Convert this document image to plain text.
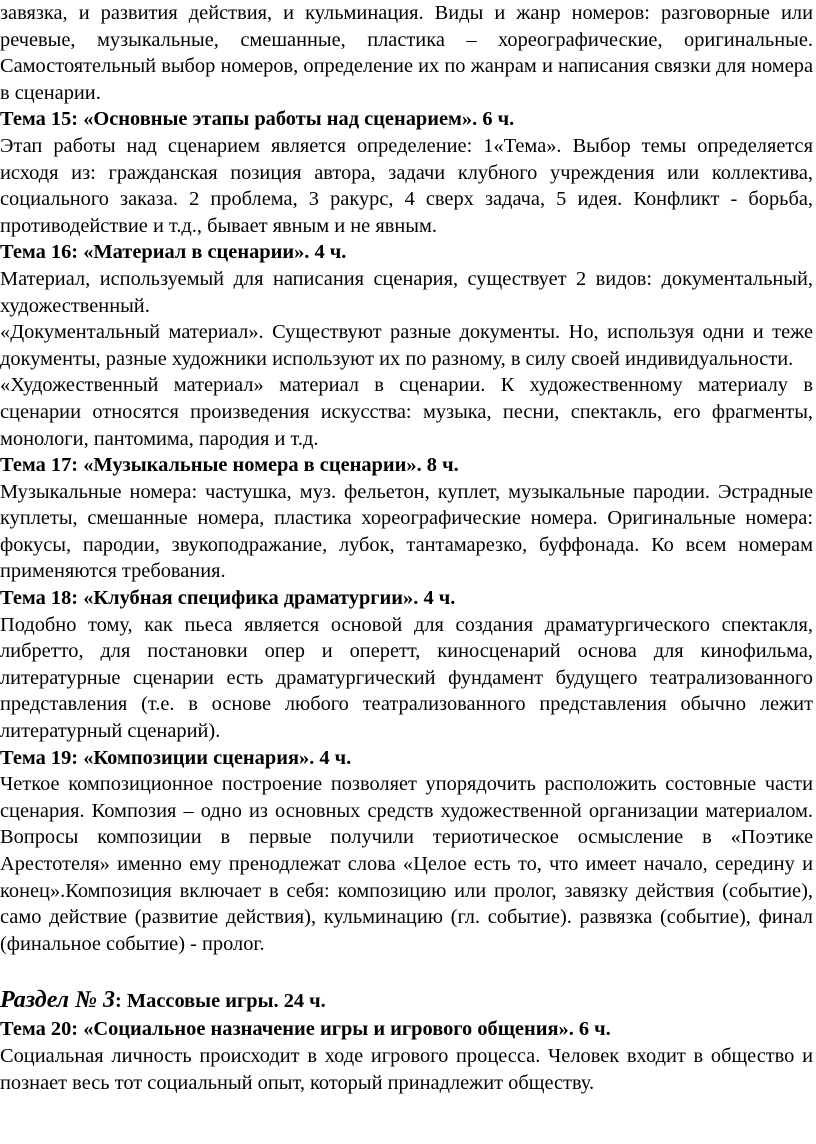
завязка, и развития действия, и кульминация. Виды и жанр номеров: разговорные или речевые, музыкальные, смешанные, пластика – хореографические, оригинальные. Самостоятельный выбор номеров, определение их по жанрам и написания связки для номера в сценарии.

Тема 15: «Основные этапы работы над сценарием». 6 ч.

Этап работы над сценарием является определение: 1«Тема». Выбор темы определяется исходя из: гражданская позиция автора, задачи клубного учреждения или коллектива, социального заказа. 2 проблема, 3 ракурс, 4 сверх задача, 5 идея. Конфликт - борьба, противодействие и т.д., бывает явным и не явным.

Тема 16: «Материал в сценарии». 4 ч.

Материал, используемый для написания сценария, существует 2 видов: документальный, художественный.

«Документальный материал». Существуют разные документы. Но, используя одни и теже документы, разные художники используют их по разному, в силу своей индивидуальности.

«Художественный материал» материал в сценарии. К художественному материалу в сценарии относятся произведения искусства: музыка, песни, спектакль, его фрагменты, монологи, пантомима, пародия и т.д.

Тема 17: «Музыкальные номера в сценарии». 8 ч.

Музыкальные номера: частушка, муз. фельетон, куплет, музыкальные пародии. Эстрадные куплеты, смешанные номера, пластика хореографические номера. Оригинальные номера: фокусы, пародии, звукоподражание, лубок, тантамарезко, буффонада. Ко всем номерам применяются требования.

Тема 18: «Клубная специфика драматургии». 4 ч.

Подобно тому, как пьеса является основой для создания драматургического спектакля, либретто, для постановки опер и оперетт, киносценарий основа для кинофильма, литературные сценарии есть драматургический фундамент будущего театрализованного представления (т.е. в основе любого театрализованного представления обычно лежит литературный сценарий).

Тема 19: «Композиции сценария». 4 ч.

Четкое композиционное построение позволяет упорядочить расположить состовные части сценария. Композия – одно из основных средств художественной организации материалом. Вопросы композиции в первые получили териотическое осмысление в «Поэтике Арестотеля» именно ему пренодлежат слова «Целое есть то, что имеет начало, середину и конец».Композиция включает в себя: композицию или пролог, завязку действия (событие), само действие (развитие действия), кульминацию (гл. событие). развязка (событие), финал (финальное событие) - пролог.

Раздел № 3: Массовые игры. 24 ч.

Тема 20: «Социальное назначение игры и игрового общения». 6 ч.

Социальная личность происходит в ходе игрового процесса. Человек входит в общество и познает весь тот социальный опыт, который принадлежит обществу.
